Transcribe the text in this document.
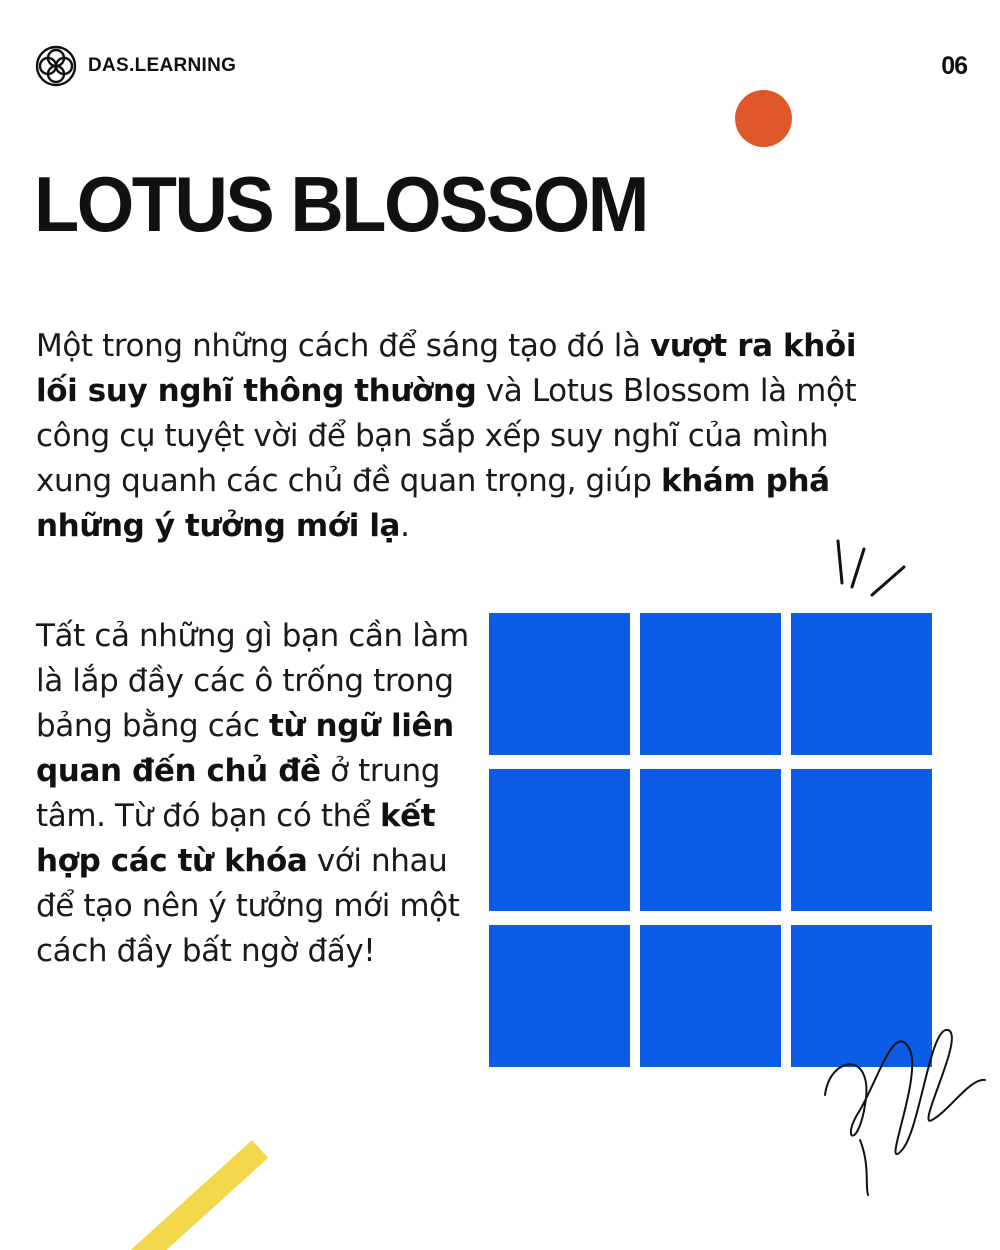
DAS.LEARNING	06
LOTUS BLOSSOM

Một trong những cách để sáng tạo đó là vượt ra khỏi lối suy nghĩ thông thường và Lotus Blossom là một công cụ tuyệt vời để bạn sắp xếp suy nghĩ của mình xung quanh các chủ đề quan trọng, giúp khám phá những ý tưởng mới lạ.

Tất cả những gì bạn cần làm là lắp đầy các ô trống trong bảng bằng các từ ngữ liên quan đến chủ đề ở trung tâm. Từ đó bạn có thể kết hợp các từ khóa với nhau để tạo nên ý tưởng mới một cách đầy bất ngờ đấy!
